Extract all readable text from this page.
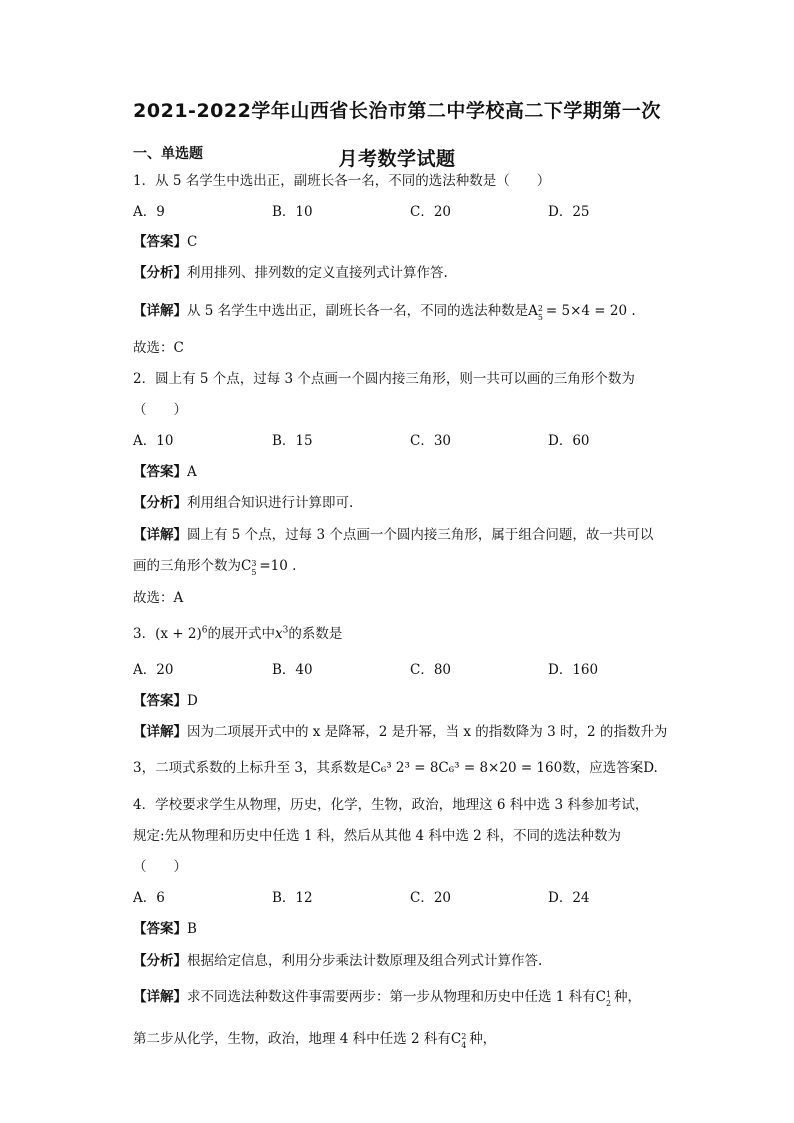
2021-2022学年山西省长治市第二中学校高二下学期第一次
月考数学试题
一、单选题
1．从 5 名学生中选出正，副班长各一名，不同的选法种数是（　　）
A．9	B．10	C．20	D．25
【答案】C
【分析】利用排列、排列数的定义直接列式计算作答.
【详解】从 5 名学生中选出正，副班长各一名，不同的选法种数是A 2
5 = 5×4 = 20 .
故选：C
2．圆上有 5 个点，过每 3 个点画一个圆内接三角形，则一共可以画的三角形个数为
（　　）
A．10	B．15	C．30	D．60
【答案】A
【分析】利用组合知识进行计算即可.
【详解】圆上有 5 个点，过每 3 个点画一个圆内接三角形，属于组合问题，故一共可以
画的三角形个数为C 3
5 =10 .
故选：A
3．$(x + 2)^6$的展开式中$x^3$的系数是
A．20	B．40	C．80	D．160
【答案】D
【详解】因为二项展开式中的 x 是降幂，2 是升幂，当 x 的指数降为 3 时，2 的指数升为
3，二项式系数的上标升至 3，其系数是C₆³ 2³ = 8C₆³ = 8×20 = 160数，应选答案D.
4．学校要求学生从物理，历史，化学，生物，政治，地理这 6 科中选 3 科参加考试，
规定:先从物理和历史中任选 1 科，然后从其他 4 科中选 2 科，不同的选法种数为
（　　）
A．6	B．12	C．20	D．24
【答案】B
【分析】根据给定信息，利用分步乘法计数原理及组合列式计算作答.
【详解】求不同选法种数这件事需要两步：第一步从物理和历史中任选 1 科有C 1
2 种，
第二步从化学，生物，政治，地理 4 科中任选 2 科有C 2
4 种，
